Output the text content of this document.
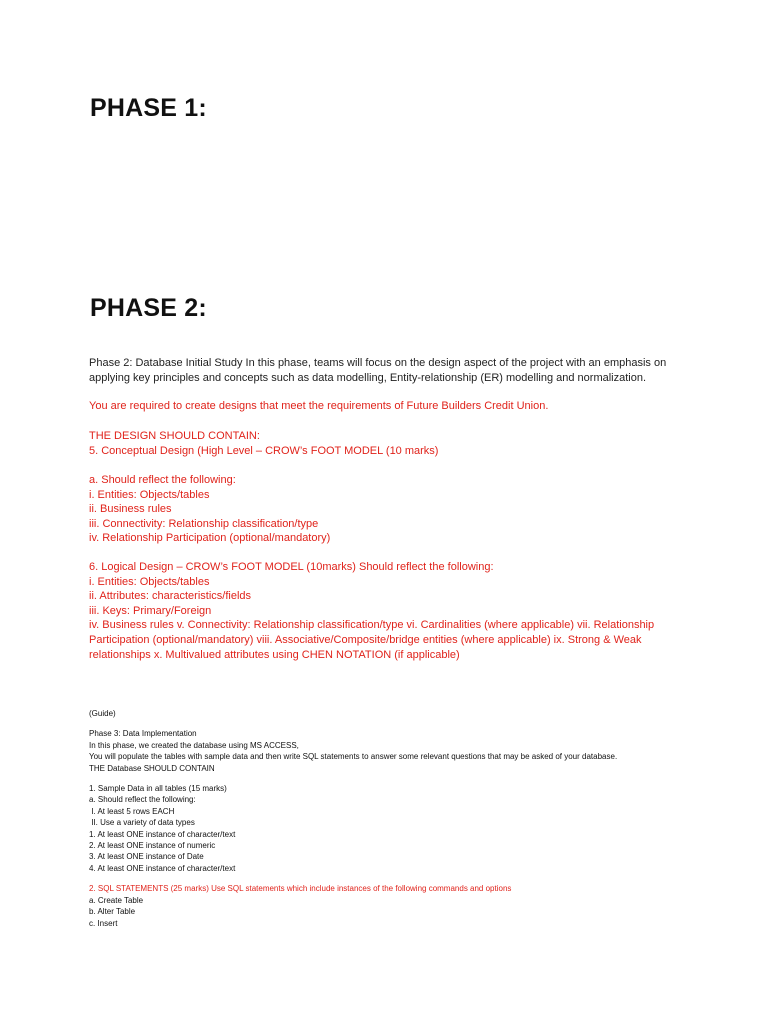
PHASE 1:
PHASE 2:

Phase 2: Database Initial Study In this phase, teams will focus on the design aspect of the project with an emphasis on applying key principles and concepts such as data modelling, Entity-relationship (ER) modelling and normalization.

You are required to create designs that meet the requirements of Future Builders Credit Union.

THE DESIGN SHOULD CONTAIN:
5. Conceptual Design (High Level – CROW’s FOOT MODEL (10 marks)
a. Should reflect the following:
i. Entities: Objects/tables
ii. Business rules
iii. Connectivity: Relationship classification/type
iv. Relationship Participation (optional/mandatory)
6. Logical Design – CROW’s FOOT MODEL (10marks) Should reflect the following:
i. Entities: Objects/tables
ii. Attributes: characteristics/fields
iii. Keys: Primary/Foreign
iv. Business rules v. Connectivity: Relationship classification/type vi. Cardinalities (where applicable) vii. Relationship Participation (optional/mandatory) viii. Associative/Composite/bridge entities (where applicable) ix. Strong & Weak relationships x. Multivalued attributes using CHEN NOTATION (if applicable)
(Guide)
Phase 3: Data Implementation
In this phase, we created the database using MS ACCESS,
You will populate the tables with sample data and then write SQL statements to answer some relevant questions that may be asked of your database.
THE Database SHOULD CONTAIN
1. Sample Data in all tables (15 marks)
a. Should reflect the following:
I. At least 5 rows EACH
II. Use a variety of data types
1. At least ONE instance of character/text
2. At least ONE instance of numeric
3. At least ONE instance of Date
4. At least ONE instance of character/text
2. SQL STATEMENTS (25 marks) Use SQL statements which include instances of the following commands and options
a. Create Table
b. Alter Table
c. Insert
